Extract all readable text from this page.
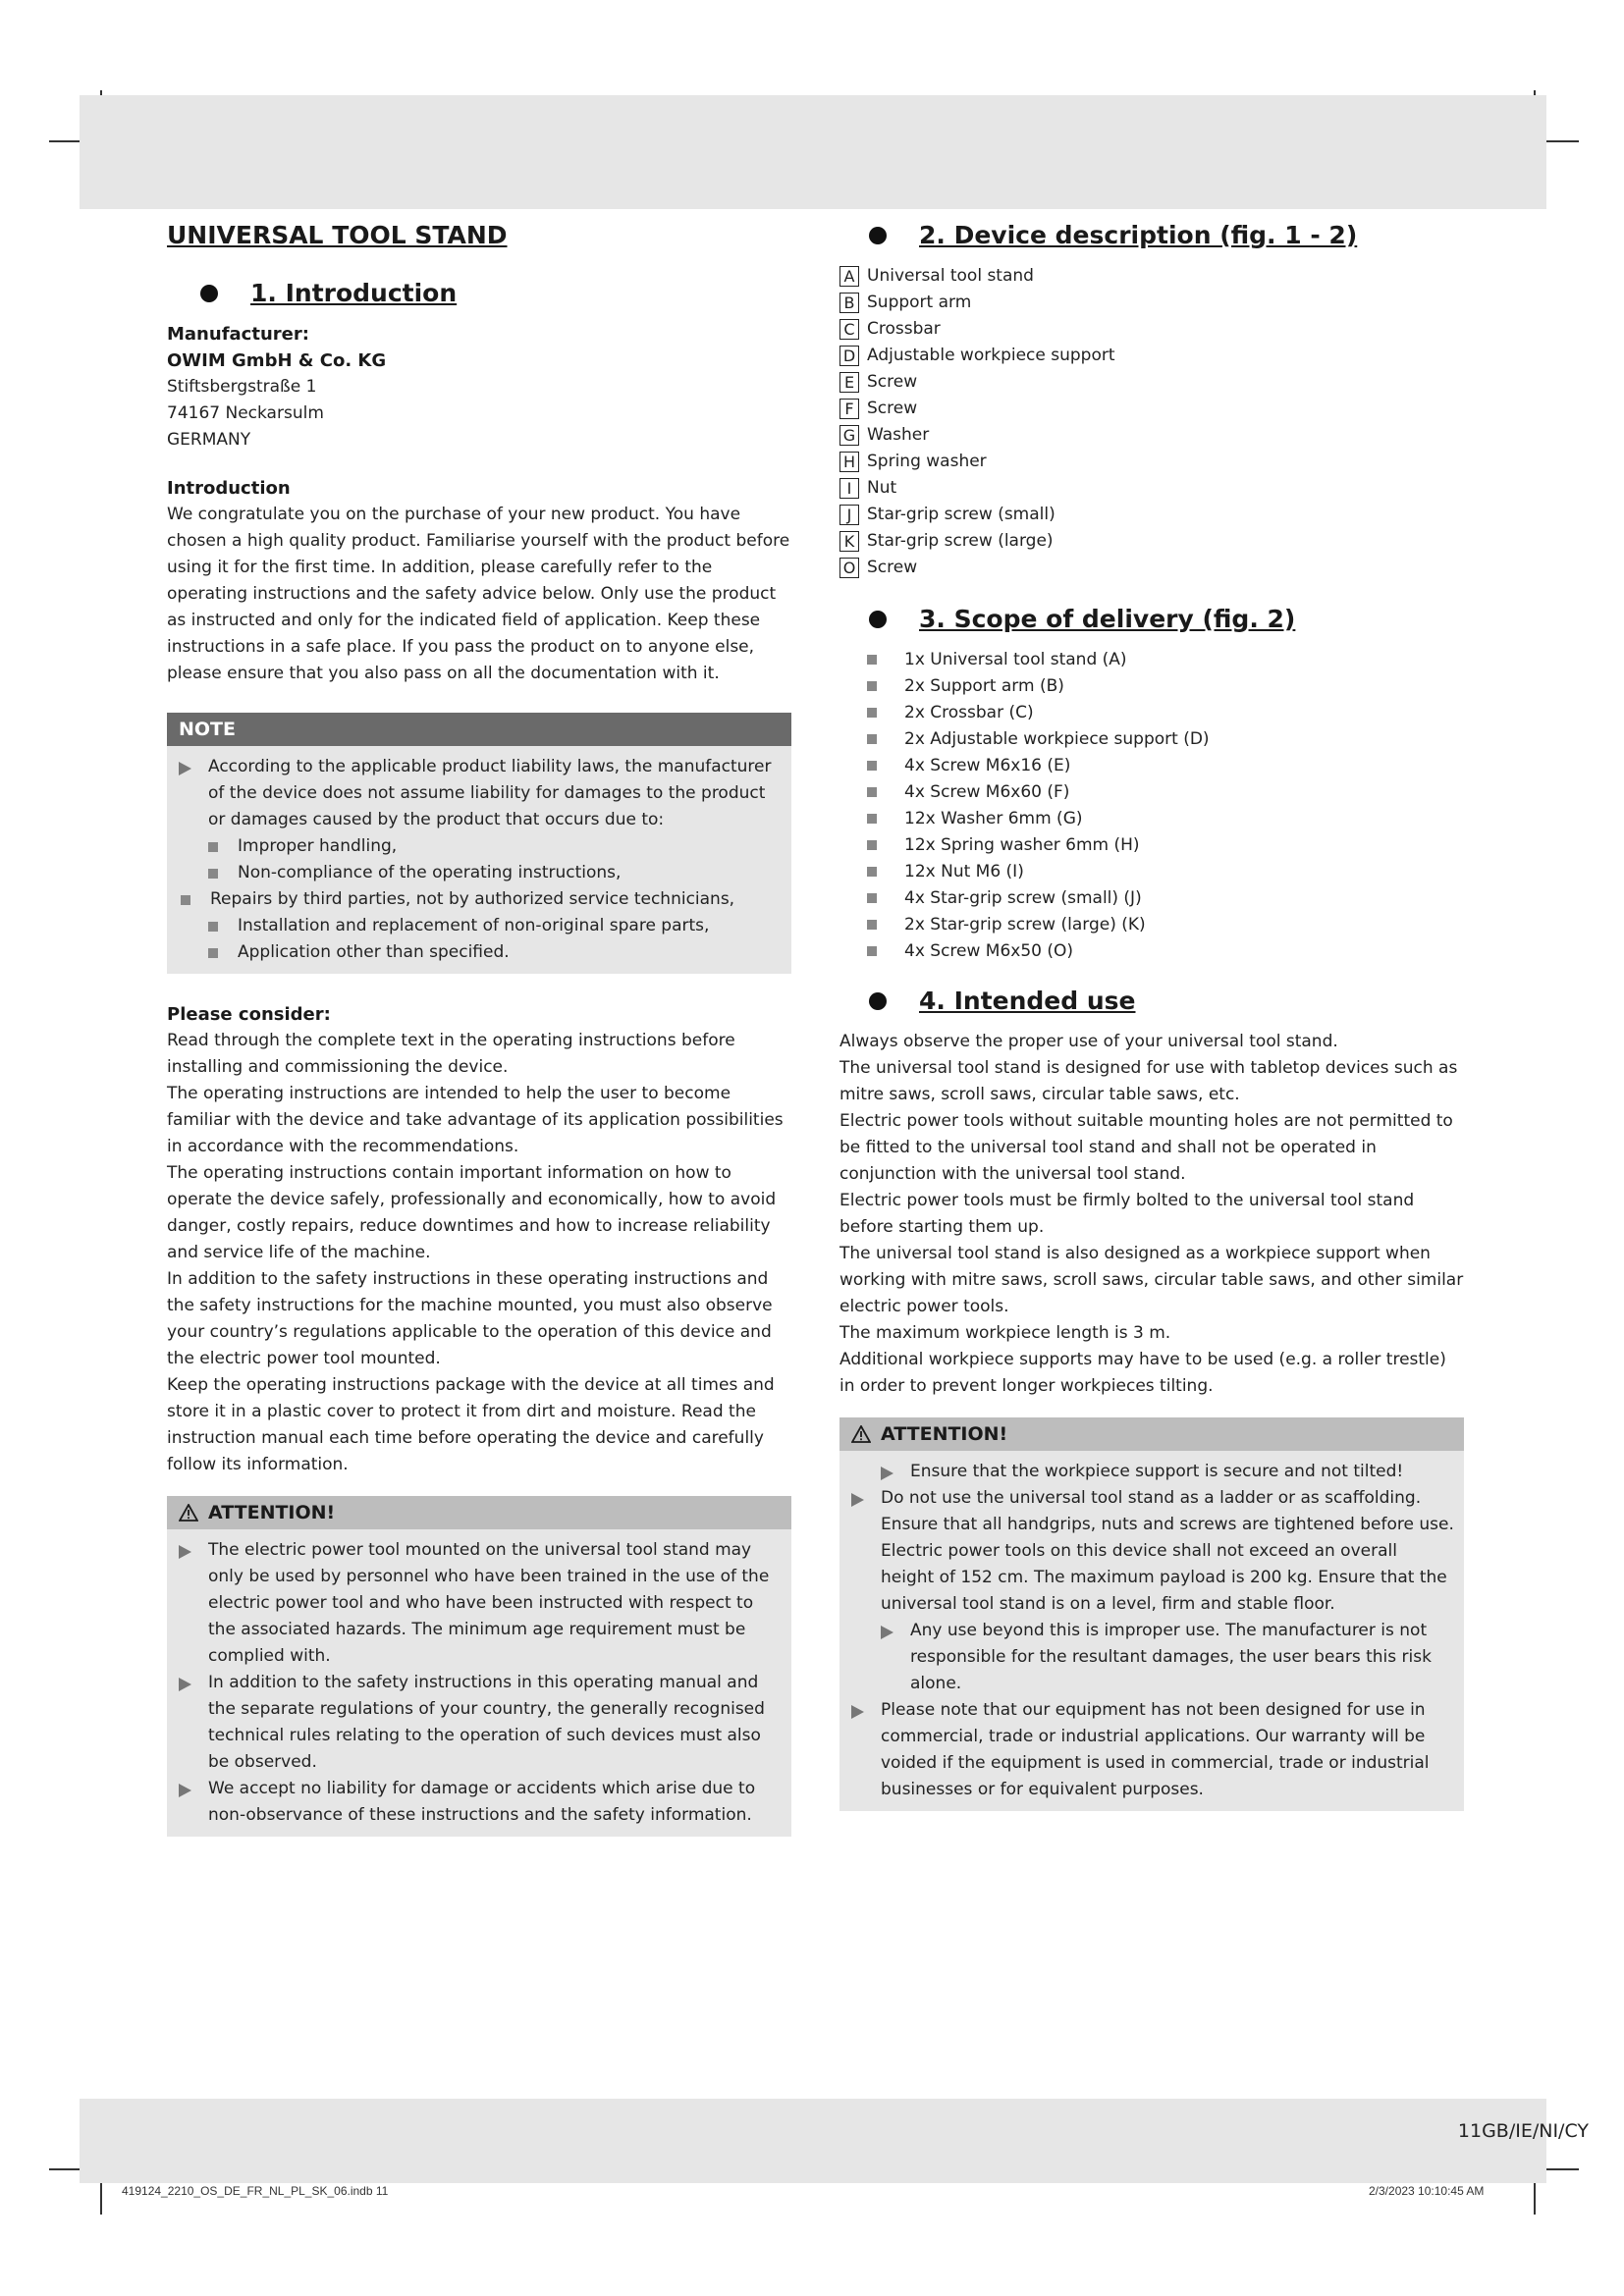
UNIVERSAL TOOL STAND
1. Introduction

Manufacturer:

OWIM GmbH & Co. KG

Stiftsbergstraße 1

74167 Neckarsulm

GERMANY

Introduction

We congratulate you on the purchase of your new product. You have chosen a high quality product. Familiarise yourself with the product before using it for the first time. In addition, please carefully refer to the operating instructions and the safety advice below. Only use the product as instructed and only for the indicated field of application. Keep these instructions in a safe place. If you pass the product on to anyone else, please ensure that you also pass on all the documentation with it.

NOTE
According to the applicable product liability laws, the manufacturer of the device does not assume liability for damages to the product or damages caused by the product that occurs due to:
Improper handling,
Non-compliance of the operating instructions,
Repairs by third parties, not by authorized service technicians,
Installation and replacement of non-original spare parts,
Application other than specified.

Please consider:

Read through the complete text in the operating instructions before installing and commissioning the device.

The operating instructions are intended to help the user to become familiar with the device and take advantage of its application possibilities in accordance with the recommendations.

The operating instructions contain important information on how to operate the device safely, professionally and economically, how to avoid danger, costly repairs, reduce downtimes and how to increase reliability and service life of the machine.

In addition to the safety instructions in these operating instructions and the safety instructions for the machine mounted, you must also observe your country’s regulations applicable to the operation of this device and the electric power tool mounted.

Keep the operating instructions package with the device at all times and store it in a plastic cover to protect it from dirt and moisture. Read the instruction manual each time before operating the device and carefully follow its information.

ATTENTION!
The electric power tool mounted on the universal tool stand may only be used by personnel who have been trained in the use of the electric power tool and who have been instructed with respect to the associated hazards. The minimum age requirement must be complied with.
In addition to the safety instructions in this operating manual and the separate regulations of your country, the generally recognised technical rules relating to the operation of such devices must also be observed.
We accept no liability for damage or accidents which arise due to non-observance of these instructions and the safety information.
2. Device description (fig. 1 - 2)
A Universal tool stand
B Support arm
C Crossbar
D Adjustable workpiece support
E Screw
F Screw
G Washer
H Spring washer
I Nut
J Star-grip screw (small)
K Star-grip screw (large)
O Screw
3. Scope of delivery (fig. 2)
1x Universal tool stand (A)
2x Support arm (B)
2x Crossbar (C)
2x Adjustable workpiece support (D)
4x Screw M6x16 (E)
4x Screw M6x60 (F)
12x Washer 6mm (G)
12x Spring washer 6mm (H)
12x Nut M6 (I)
4x Star-grip screw (small) (J)
2x Star-grip screw (large) (K)
4x Screw M6x50 (O)
4. Intended use

Always observe the proper use of your universal tool stand.

The universal tool stand is designed for use with tabletop devices such as mitre saws, scroll saws, circular table saws, etc.

Electric power tools without suitable mounting holes are not permitted to be fitted to the universal tool stand and shall not be operated in conjunction with the universal tool stand.

Electric power tools must be firmly bolted to the universal tool stand before starting them up.

The universal tool stand is also designed as a workpiece support when working with mitre saws, scroll saws, circular table saws, and other similar electric power tools.

The maximum workpiece length is 3 m.

Additional workpiece supports may have to be used (e.g. a roller trestle) in order to prevent longer workpieces tilting.

ATTENTION!
Ensure that the workpiece support is secure and not tilted!
Do not use the universal tool stand as a ladder or as scaffolding. Ensure that all handgrips, nuts and screws are tightened before use. Electric power tools on this device shall not exceed an overall height of 152 cm. The maximum payload is 200 kg. Ensure that the universal tool stand is on a level, firm and stable floor.
Any use beyond this is improper use. The manufacturer is not responsible for the resultant damages, the user bears this risk alone.
Please note that our equipment has not been designed for use in commercial, trade or industrial applications. Our warranty will be voided if the equipment is used in commercial, trade or industrial businesses or for equivalent purposes.
11GB/IE/NI/CY
419124_2210_OS_DE_FR_NL_PL_SK_06.indb 11	2/3/2023 10:10:45 AM
